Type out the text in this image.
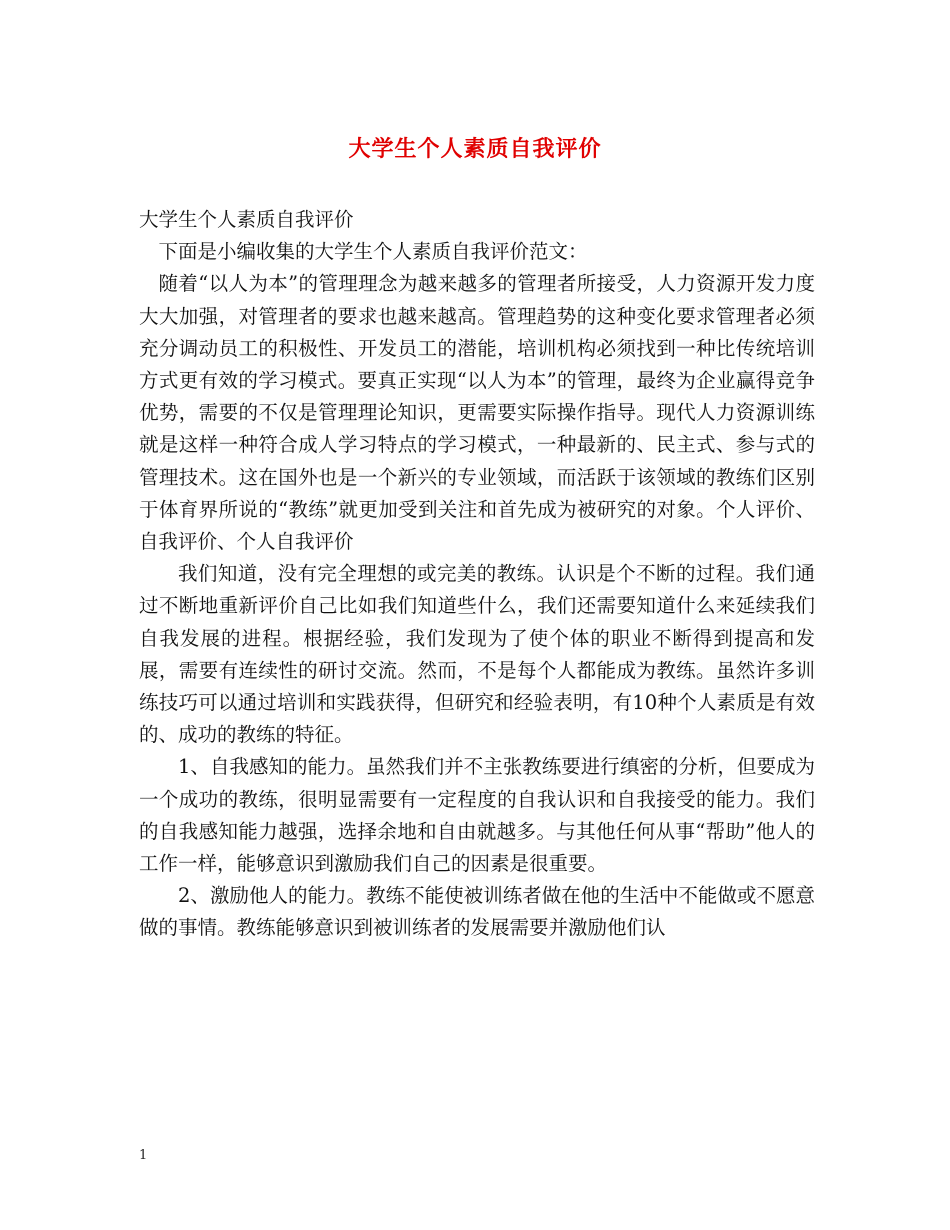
大学生个人素质自我评价

大学生个人素质自我评价

下面是小编收集的大学生个人素质自我评价范文：

随着“以人为本”的管理理念为越来越多的管理者所接受，人力资源开发力度大大加强，对管理者的要求也越来越高。管理趋势的这种变化要求管理者必须充分调动员工的积极性、开发员工的潜能，培训机构必须找到一种比传统培训方式更有效的学习模式。要真正实现“以人为本”的管理，最终为企业赢得竞争优势，需要的不仅是管理理论知识，更需要实际操作指导。现代人力资源训练就是这样一种符合成人学习特点的学习模式，一种最新的、民主式、参与式的管理技术。这在国外也是一个新兴的专业领域，而活跃于该领域的教练们区别于体育界所说的“教练”就更加受到关注和首先成为被研究的对象。个人评价、自我评价、个人自我评价

我们知道，没有完全理想的或完美的教练。认识是个不断的过程。我们通过不断地重新评价自己比如我们知道些什么，我们还需要知道什么来延续我们自我发展的进程。根据经验，我们发现为了使个体的职业不断得到提高和发展，需要有连续性的研讨交流。然而，不是每个人都能成为教练。虽然许多训练技巧可以通过培训和实践获得，但研究和经验表明，有10种个人素质是有效的、成功的教练的特征。

1、自我感知的能力。虽然我们并不主张教练要进行缜密的分析，但要成为一个成功的教练，很明显需要有一定程度的自我认识和自我接受的能力。我们的自我感知能力越强，选择余地和自由就越多。与其他任何从事“帮助”他人的工作一样，能够意识到激励我们自己的因素是很重要。

2、激励他人的能力。教练不能使被训练者做在他的生活中不能做或不愿意做的事情。教练能够意识到被训练者的发展需要并激励他们认

1
